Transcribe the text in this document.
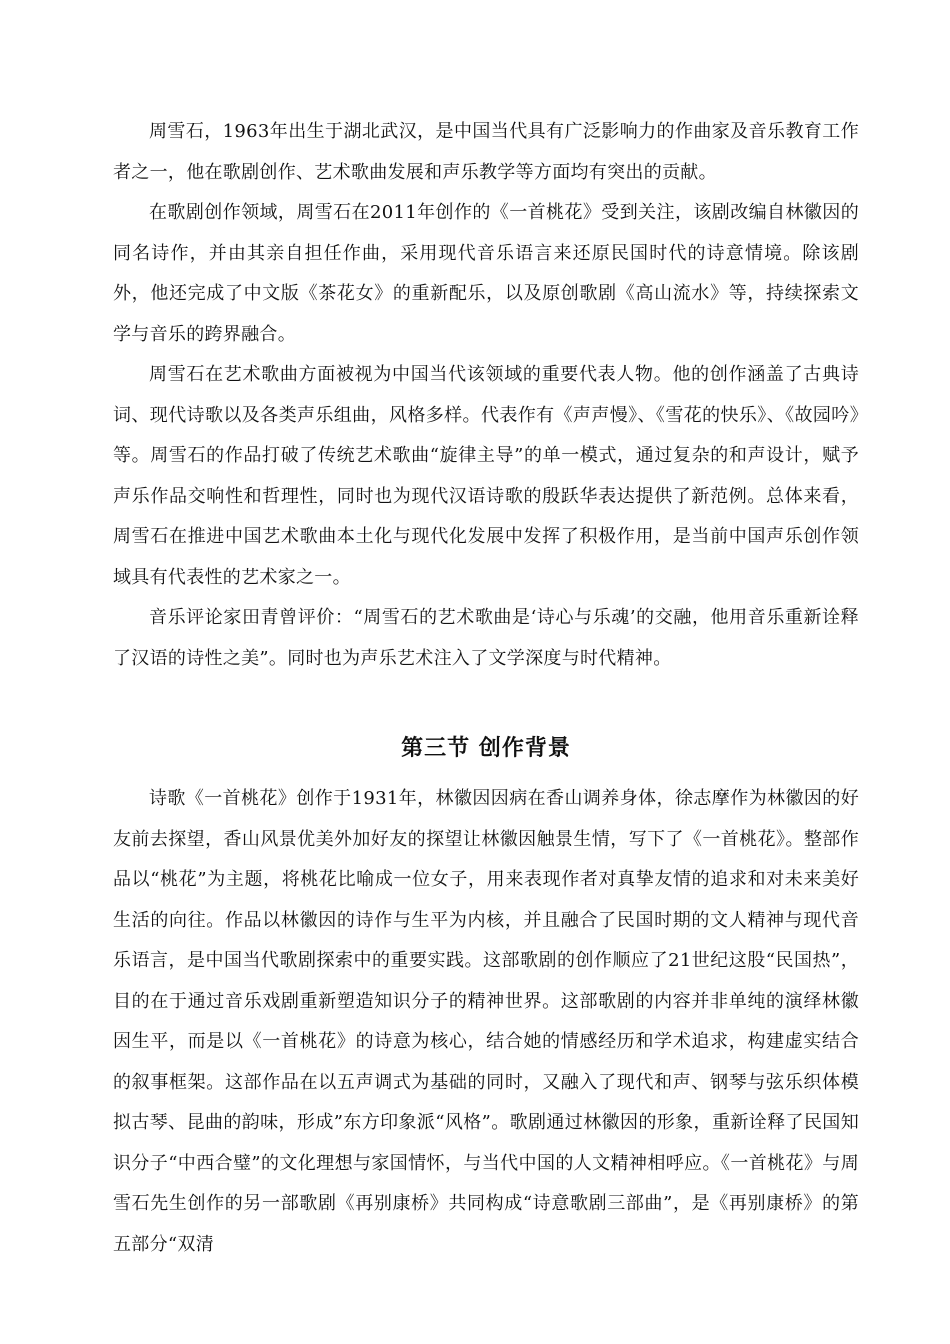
周雪石，1963年出生于湖北武汉，是中国当代具有广泛影响力的作曲家及音乐教育工作者之一，他在歌剧创作、艺术歌曲发展和声乐教学等方面均有突出的贡献。

在歌剧创作领域，周雪石在2011年创作的《一首桃花》受到关注，该剧改编自林徽因的同名诗作，并由其亲自担任作曲，采用现代音乐语言来还原民国时代的诗意情境。除该剧外，他还完成了中文版《茶花女》的重新配乐，以及原创歌剧《高山流水》等，持续探索文学与音乐的跨界融合。

周雪石在艺术歌曲方面被视为中国当代该领域的重要代表人物。他的创作涵盖了古典诗词、现代诗歌以及各类声乐组曲，风格多样。代表作有《声声慢》、《雪花的快乐》、《故园吟》等。周雪石的作品打破了传统艺术歌曲“旋律主导”的单一模式，通过复杂的和声设计，赋予声乐作品交响性和哲理性，同时也为现代汉语诗歌的殷跃华表达提供了新范例。总体来看，周雪石在推进中国艺术歌曲本土化与现代化发展中发挥了积极作用，是当前中国声乐创作领域具有代表性的艺术家之一。

音乐评论家田青曾评价：“周雪石的艺术歌曲是‘诗心与乐魂’的交融，他用音乐重新诠释了汉语的诗性之美”。同时也为声乐艺术注入了文学深度与时代精神。

第三节 创作背景

诗歌《一首桃花》创作于1931年，林徽因因病在香山调养身体，徐志摩作为林徽因的好友前去探望，香山风景优美外加好友的探望让林徽因触景生情，写下了《一首桃花》。整部作品以“桃花”为主题，将桃花比喻成一位女子，用来表现作者对真挚友情的追求和对未来美好生活的向往。作品以林徽因的诗作与生平为内核，并且融合了民国时期的文人精神与现代音乐语言，是中国当代歌剧探索中的重要实践。这部歌剧的创作顺应了21世纪这股“民国热”，目的在于通过音乐戏剧重新塑造知识分子的精神世界。这部歌剧的内容并非单纯的演绎林徽因生平，而是以《一首桃花》的诗意为核心，结合她的情感经历和学术追求，构建虚实结合的叙事框架。这部作品在以五声调式为基础的同时，又融入了现代和声、钢琴与弦乐织体模拟古琴、昆曲的韵味，形成”东方印象派“风格”。歌剧通过林徽因的形象，重新诠释了民国知识分子“中西合璧”的文化理想与家国情怀，与当代中国的人文精神相呼应。《一首桃花》与周雪石先生创作的另一部歌剧《再别康桥》共同构成“诗意歌剧三部曲”，是《再别康桥》的第五部分“双清
